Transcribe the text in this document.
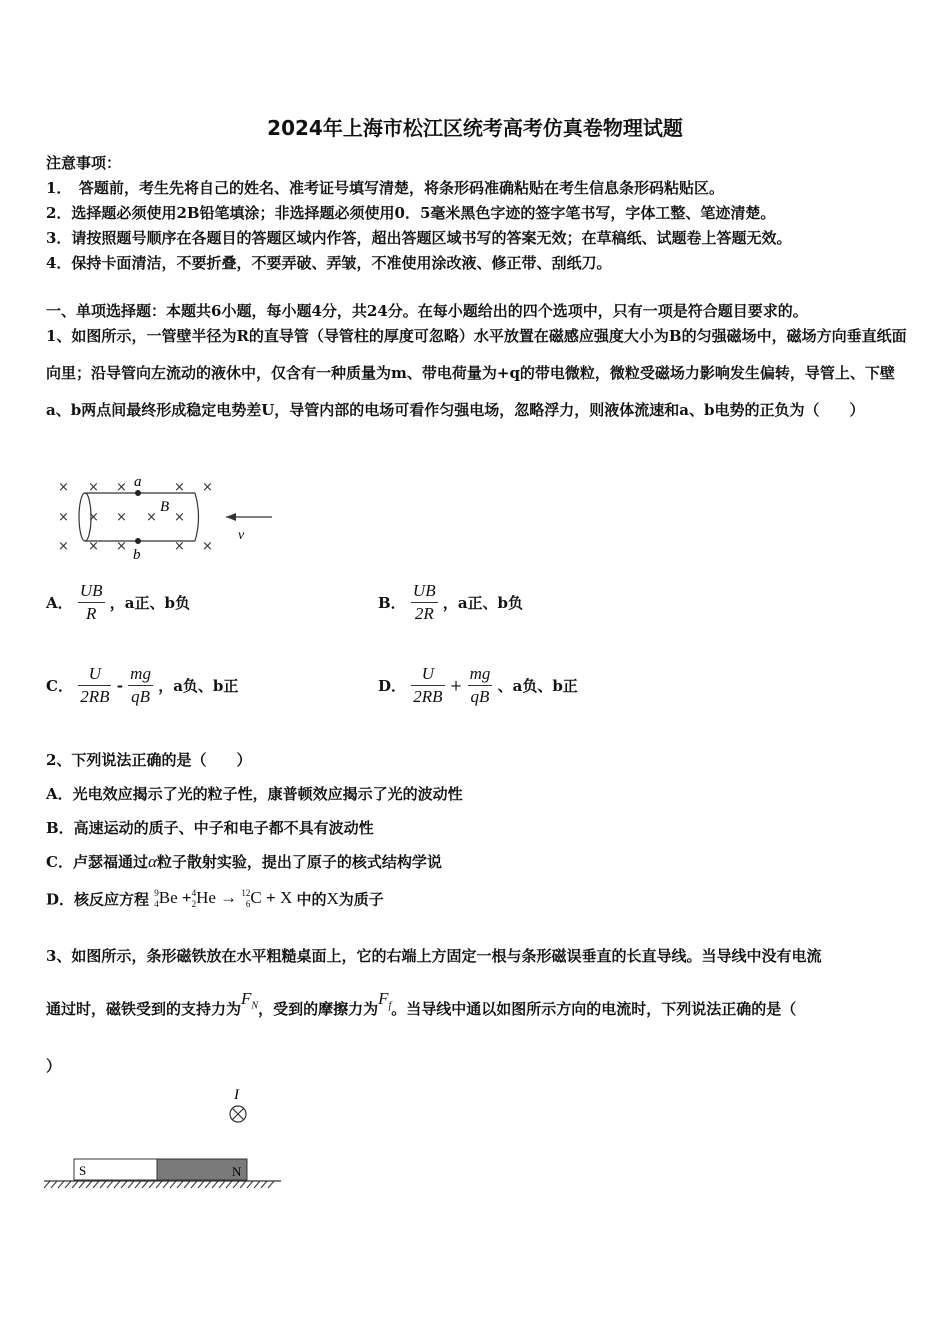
2024年上海市松江区统考高考仿真卷物理试题
注意事项：
1．　答题前，考生先将自己的姓名、准考证号填写清楚，将条形码准确粘贴在考生信息条形码粘贴区。
2．选择题必须使用2B铅笔填涂；非选择题必须使用0．5毫米黑色字迹的签字笔书写，字体工整、笔迹清楚。
3．请按照题号顺序在各题目的答题区域内作答，超出答题区域书写的答案无效；在草稿纸、试题卷上答题无效。
4．保持卡面清洁，不要折叠，不要弄破、弄皱，不准使用涂改液、修正带、刮纸刀。
一、单项选择题：本题共6小题，每小题4分，共24分。在每小题给出的四个选项中，只有一项是符合题目要求的。
1、如图所示，一管壁半径为R的直导管（导管柱的厚度可忽略）水平放置在磁感应强度大小为B的匀强磁场中，磁场方向垂直纸面向里；沿导管向左流动的液休中，仅含有一种质量为m、带电荷量为+q的带电微粒，微粒受磁场力影响发生偏转，导管上、下壁a、b两点间最终形成稳定电势差U，导管内部的电场可看作匀强电场，忽略浮力，则液体流速和a、b电势的正负为（　　）
× × ×	× ×
× × × × ×
× × ×	× ×
a
b
B
v
A． $\frac{UB}{R}$ ，a正、b负	B． $\frac{UB}{2R}$ ，a正、b负
C． $\frac{U}{2RB} - \frac{mg}{qB}$ ，a负、b正	D． $\frac{U}{2RB} + \frac{mg}{qB}$ 、a负、b正
2、下列说法正确的是（　　）
A．光电效应揭示了光的粒子性，康普顿效应揭示了光的波动性
B．高速运动的质子、中子和电子都不具有波动性
C．卢瑟福通过α粒子散射实验，提出了原子的核式结构学说
D．核反应方程 9
4 Be + 4
2 He → 12
6 C + X 中的X为质子
3、如图所示，条形磁铁放在水平粗糙桌面上，它的右端上方固定一根与条形磁误垂直的长直导线。当导线中没有电流
通过时，磁铁受到的支持力为$F_N$，受到的摩擦力为$F_f$。当导线中通以如图所示方向的电流时，下列说法正确的是（
）
I
S	N
